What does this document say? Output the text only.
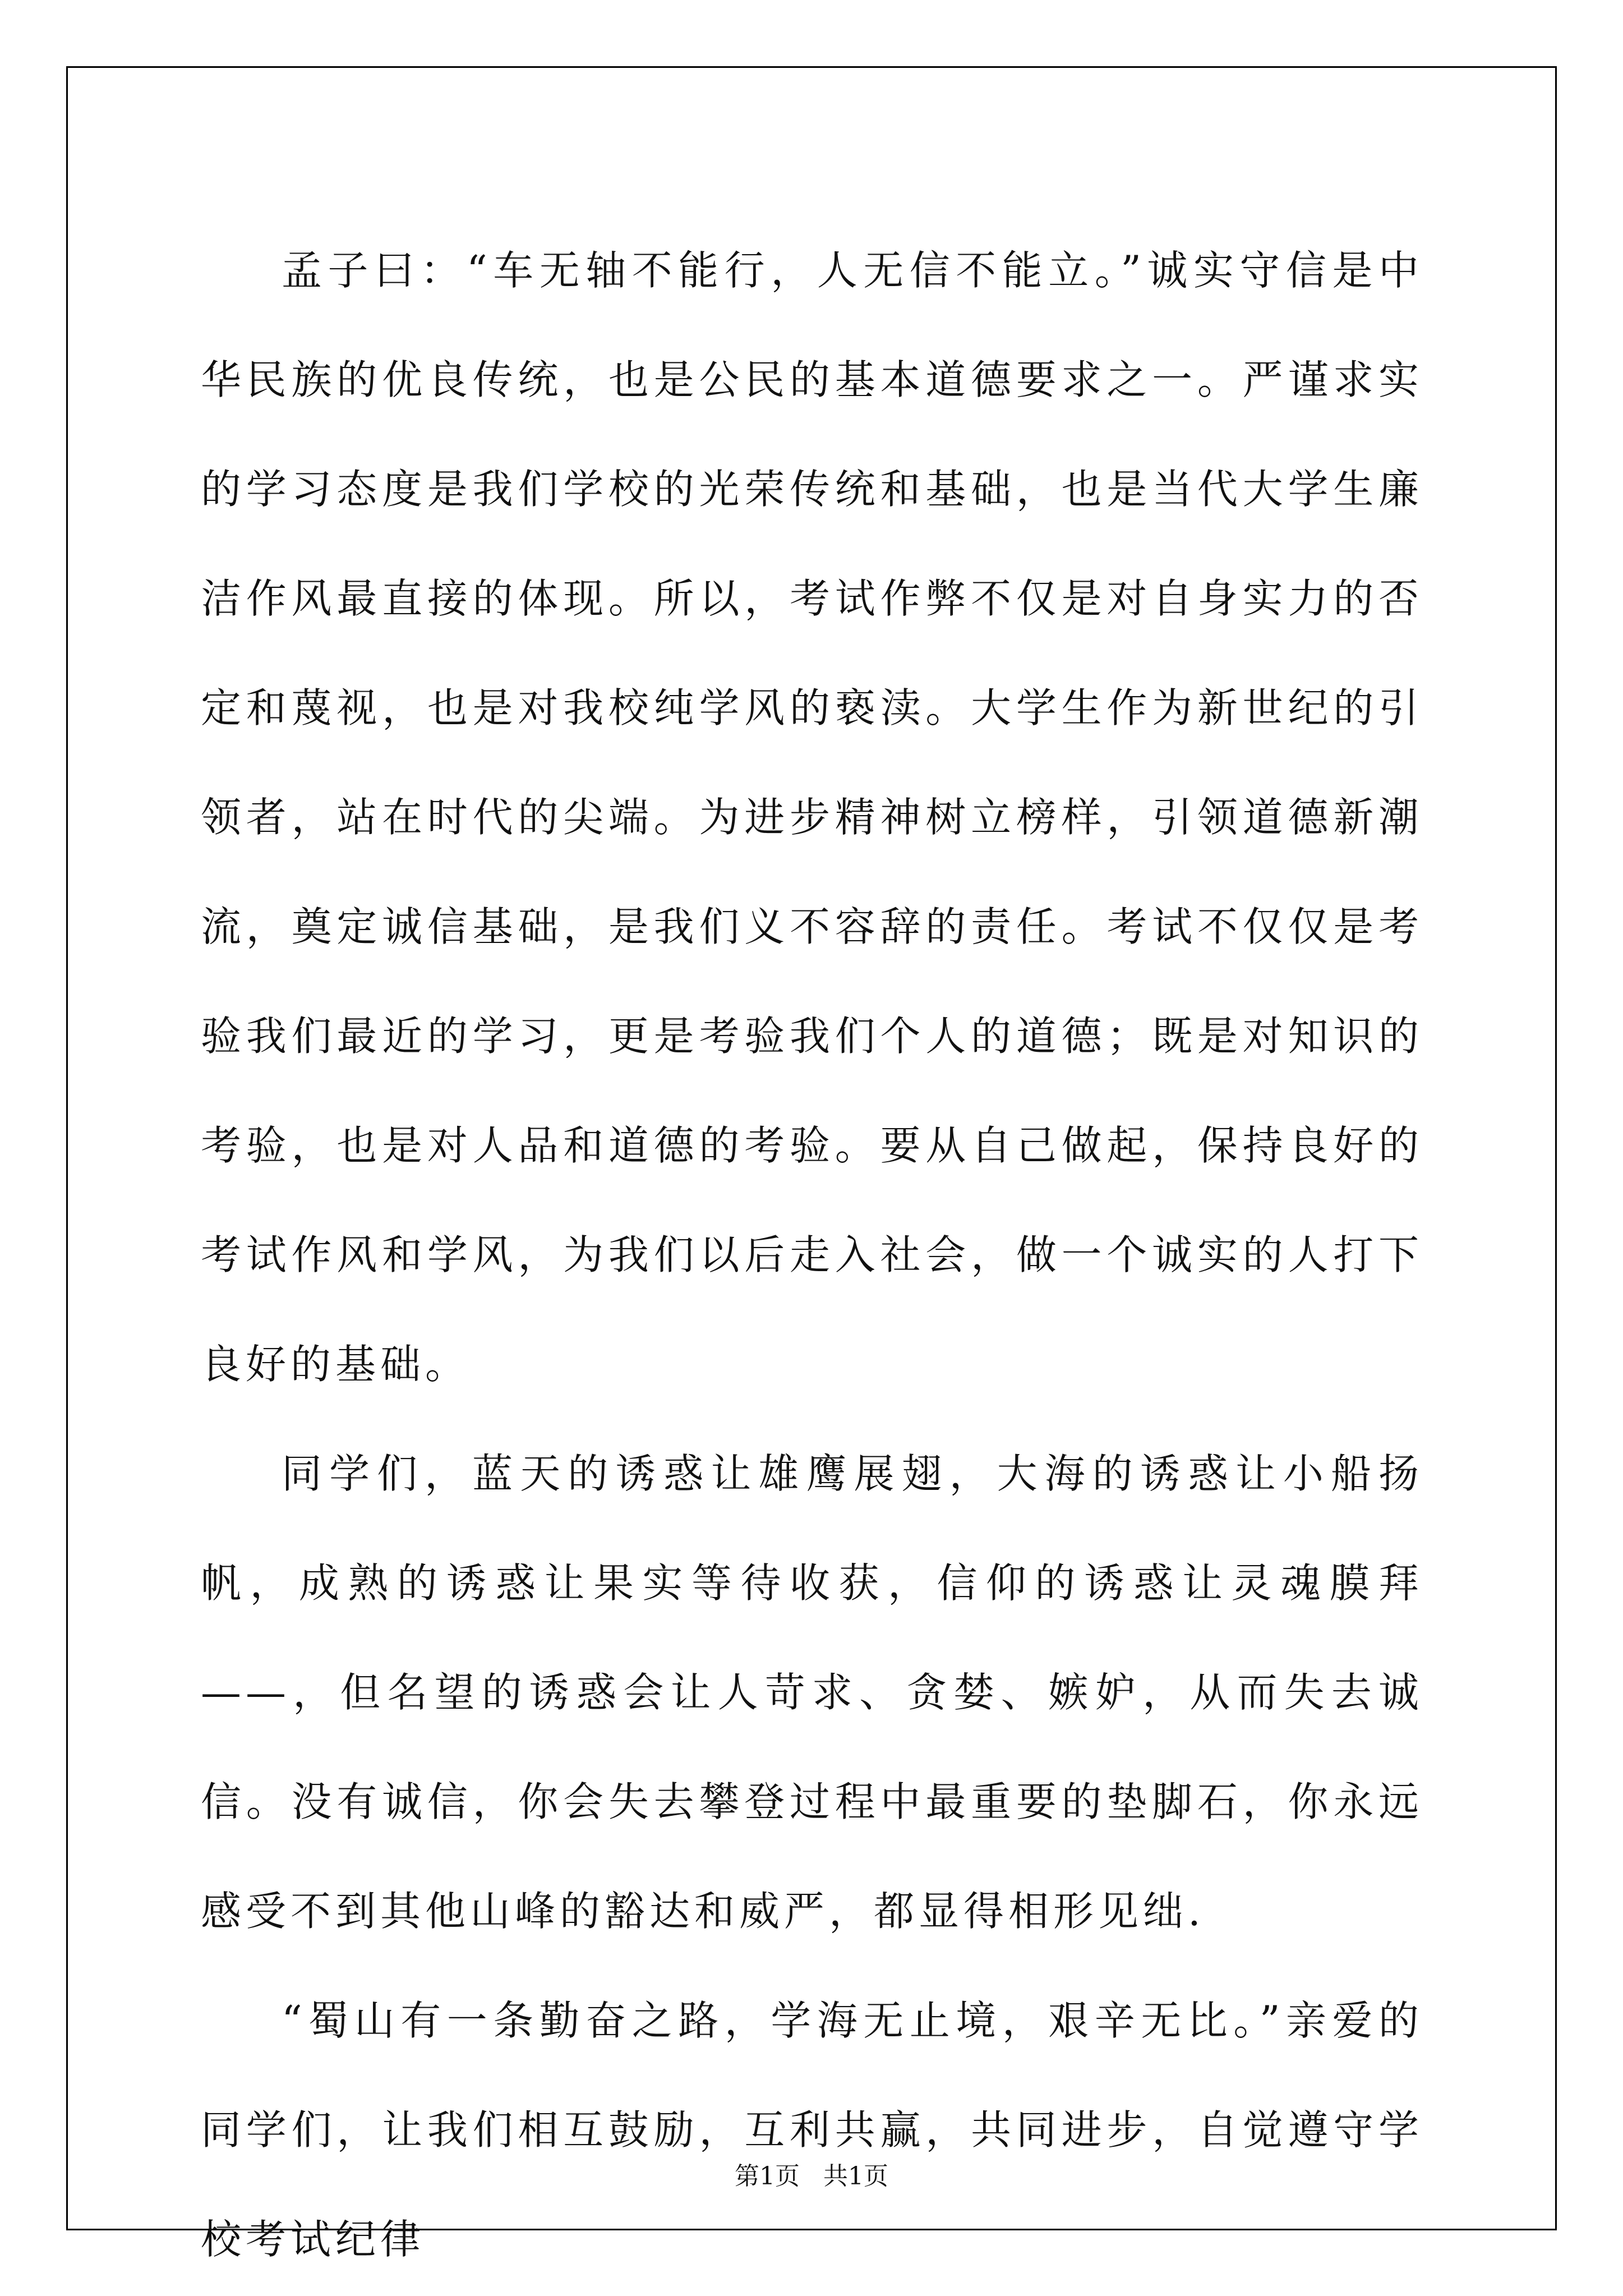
孟子曰：“车无轴不能行，人无信不能立。”诚实守信是中华民族的优良传统，也是公民的基本道德要求之一。严谨求实的学习态度是我们学校的光荣传统和基础，也是当代大学生廉洁作风最直接的体现。所以，考试作弊不仅是对自身实力的否定和蔑视，也是对我校纯学风的亵渎。大学生作为新世纪的引领者，站在时代的尖端。为进步精神树立榜样，引领道德新潮流，奠定诚信基础，是我们义不容辞的责任。考试不仅仅是考验我们最近的学习，更是考验我们个人的道德；既是对知识的考验，也是对人品和道德的考验。要从自己做起，保持良好的考试作风和学风，为我们以后走入社会，做一个诚实的人打下良好的基础。

同学们，蓝天的诱惑让雄鹰展翅，大海的诱惑让小船扬帆，成熟的诱惑让果实等待收获，信仰的诱惑让灵魂膜拜——，但名望的诱惑会让人苛求、贪婪、嫉妒，从而失去诚信。没有诚信，你会失去攀登过程中最重要的垫脚石，你永远感受不到其他山峰的豁达和威严，都显得相形见绌.

“蜀山有一条勤奋之路，学海无止境，艰辛无比。”亲爱的同学们，让我们相互鼓励，互利共赢，共同进步，自觉遵守学校考试纪律

第1页   共1页
